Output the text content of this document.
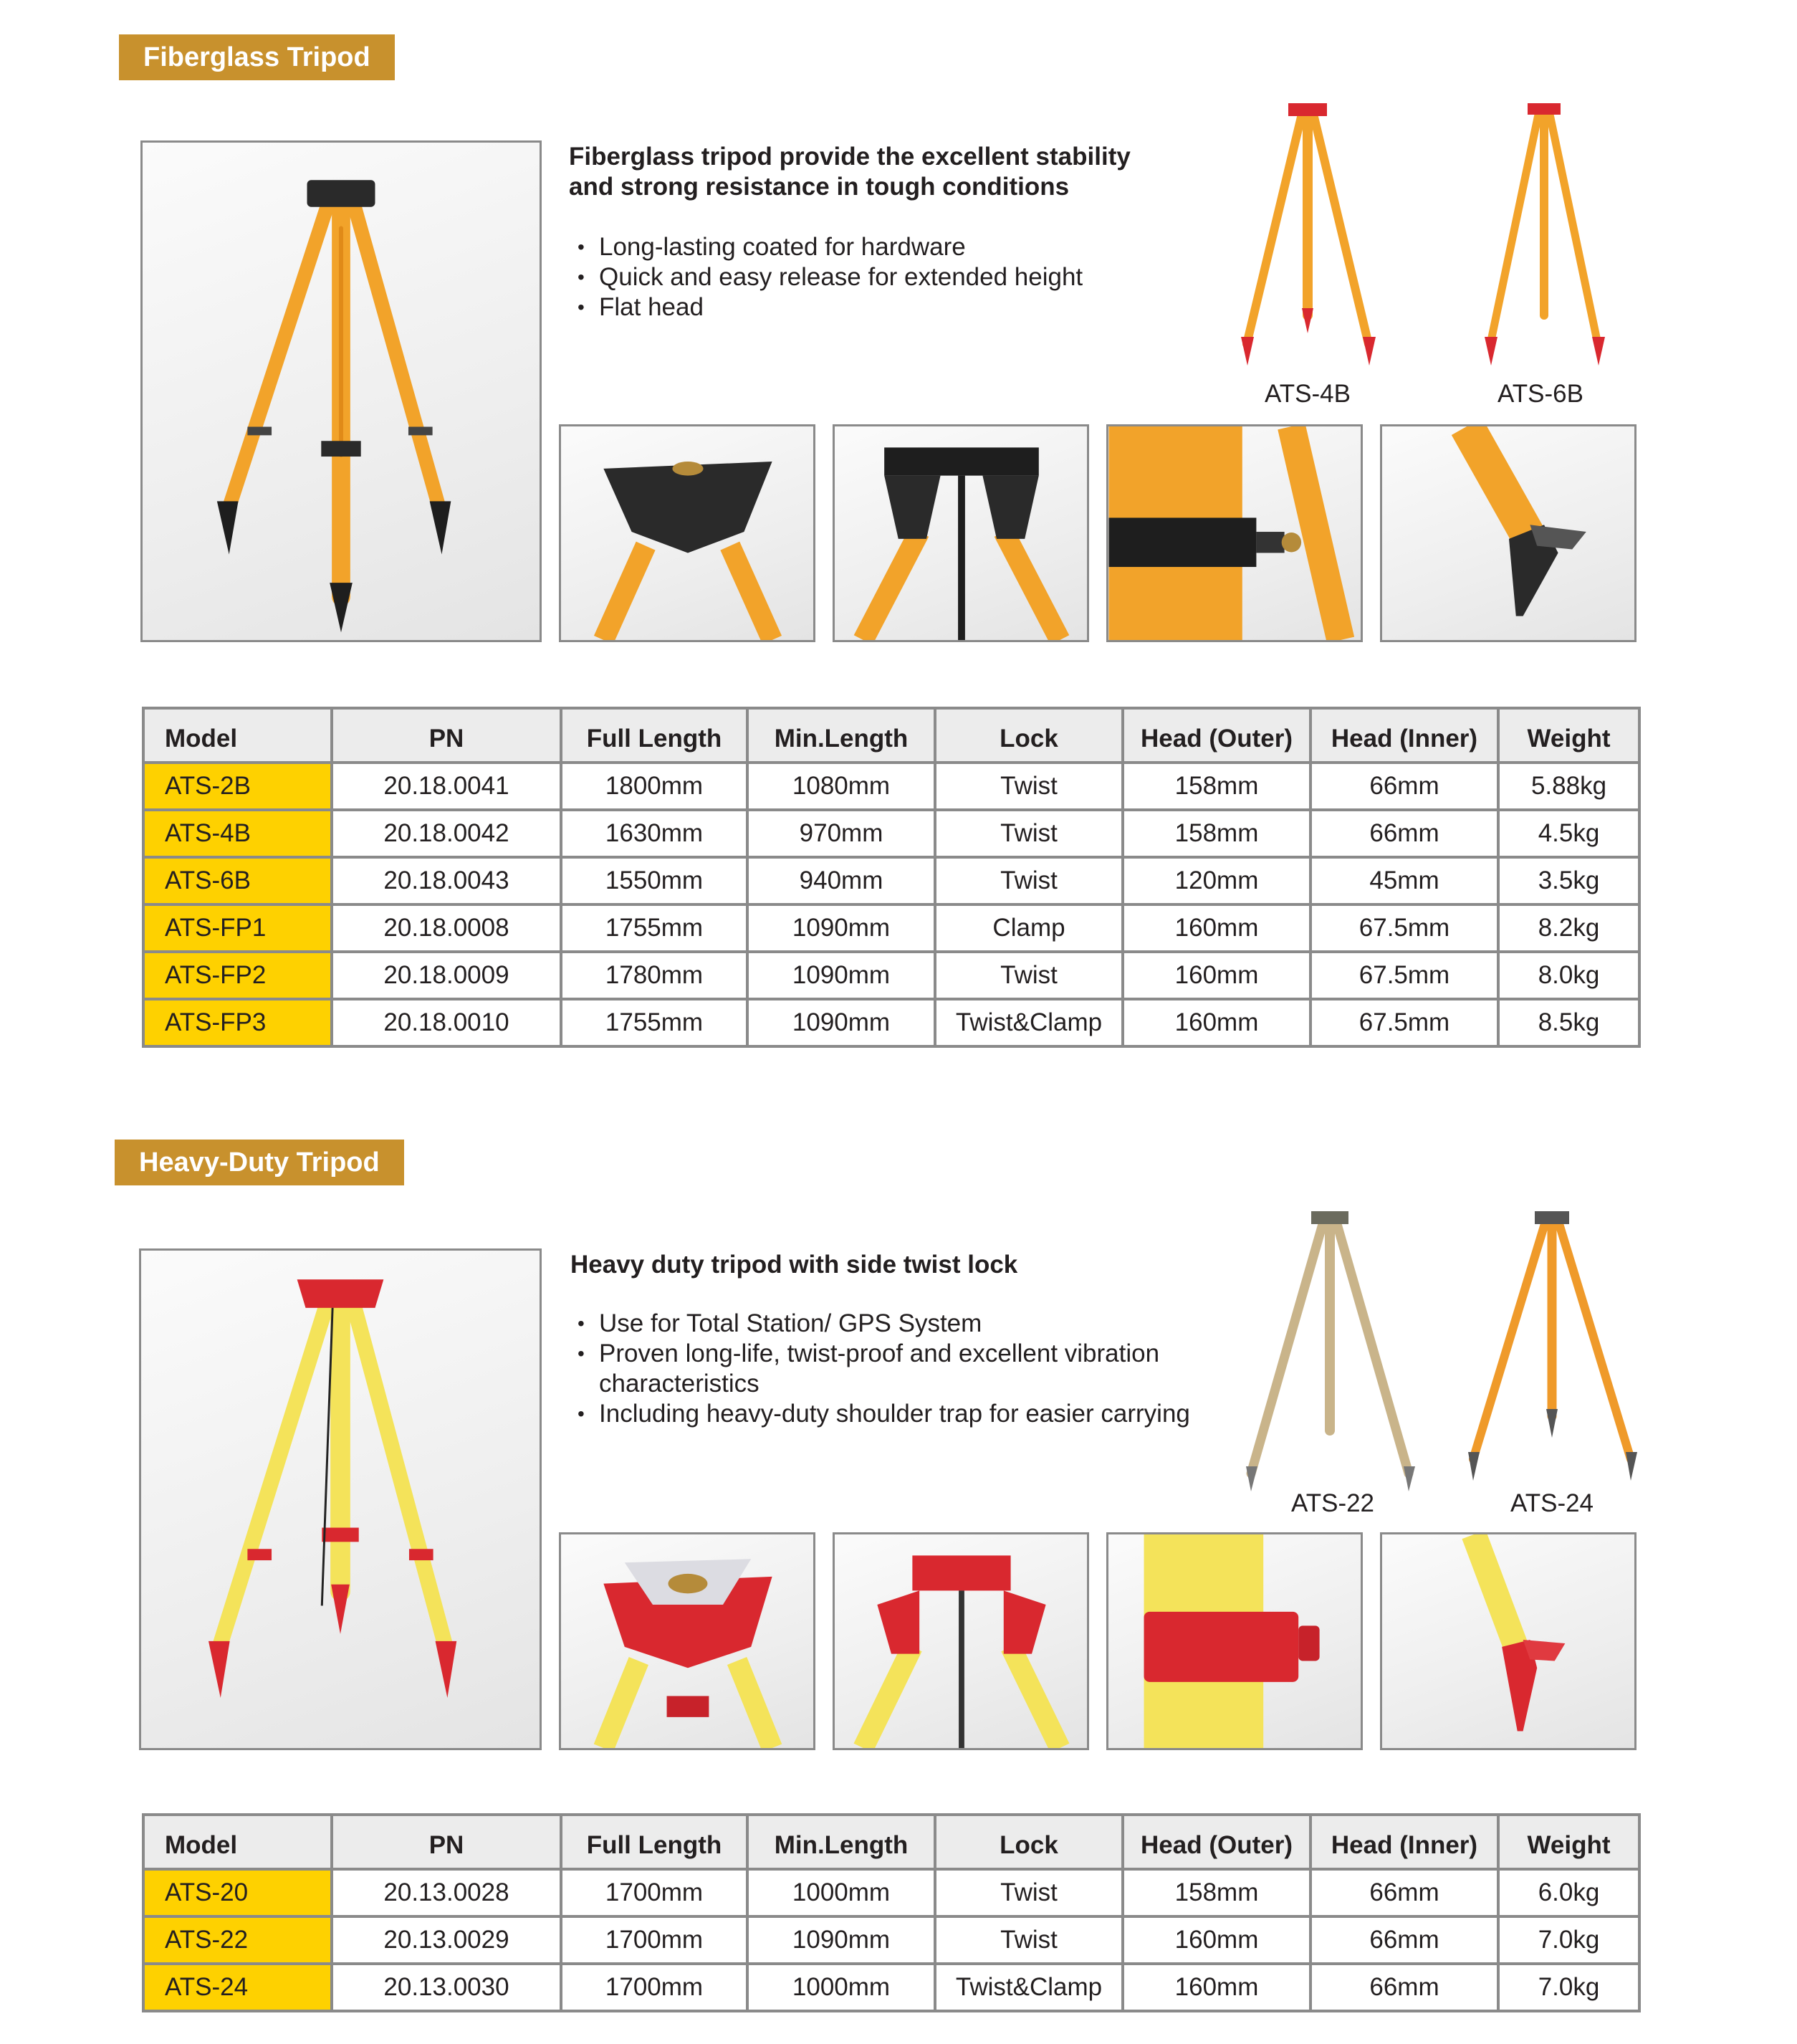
Fiberglass Tripod
Fiberglass tripod provide the excellent stability
and strong resistance in tough conditions
• Long-lasting coated for hardware
• Quick and easy release for extended height
• Flat head
ATS-4B	ATS-6B
Model	PN	Full Length	Min.Length	Lock	Head (Outer)	Head (Inner)	Weight
ATS-2B	20.18.0041	1800mm	1080mm	Twist	158mm	66mm	5.88kg
ATS-4B	20.18.0042	1630mm	970mm	Twist	158mm	66mm	4.5kg
ATS-6B	20.18.0043	1550mm	940mm	Twist	120mm	45mm	3.5kg
ATS-FP1	20.18.0008	1755mm	1090mm	Clamp	160mm	67.5mm	8.2kg
ATS-FP2	20.18.0009	1780mm	1090mm	Twist	160mm	67.5mm	8.0kg
ATS-FP3	20.18.0010	1755mm	1090mm	Twist&Clamp	160mm	67.5mm	8.5kg
Heavy-Duty Tripod
Heavy duty tripod with side twist lock
• Use for Total Station/ GPS System
• Proven long-life, twist-proof and excellent vibration
characteristics
• Including heavy-duty shoulder trap for easier carrying
ATS-22	ATS-24
Model	PN	Full Length	Min.Length	Lock	Head (Outer)	Head (Inner)	Weight
ATS-20	20.13.0028	1700mm	1000mm	Twist	158mm	66mm	6.0kg
ATS-22	20.13.0029	1700mm	1090mm	Twist	160mm	66mm	7.0kg
ATS-24	20.13.0030	1700mm	1000mm	Twist&Clamp	160mm	66mm	7.0kg
